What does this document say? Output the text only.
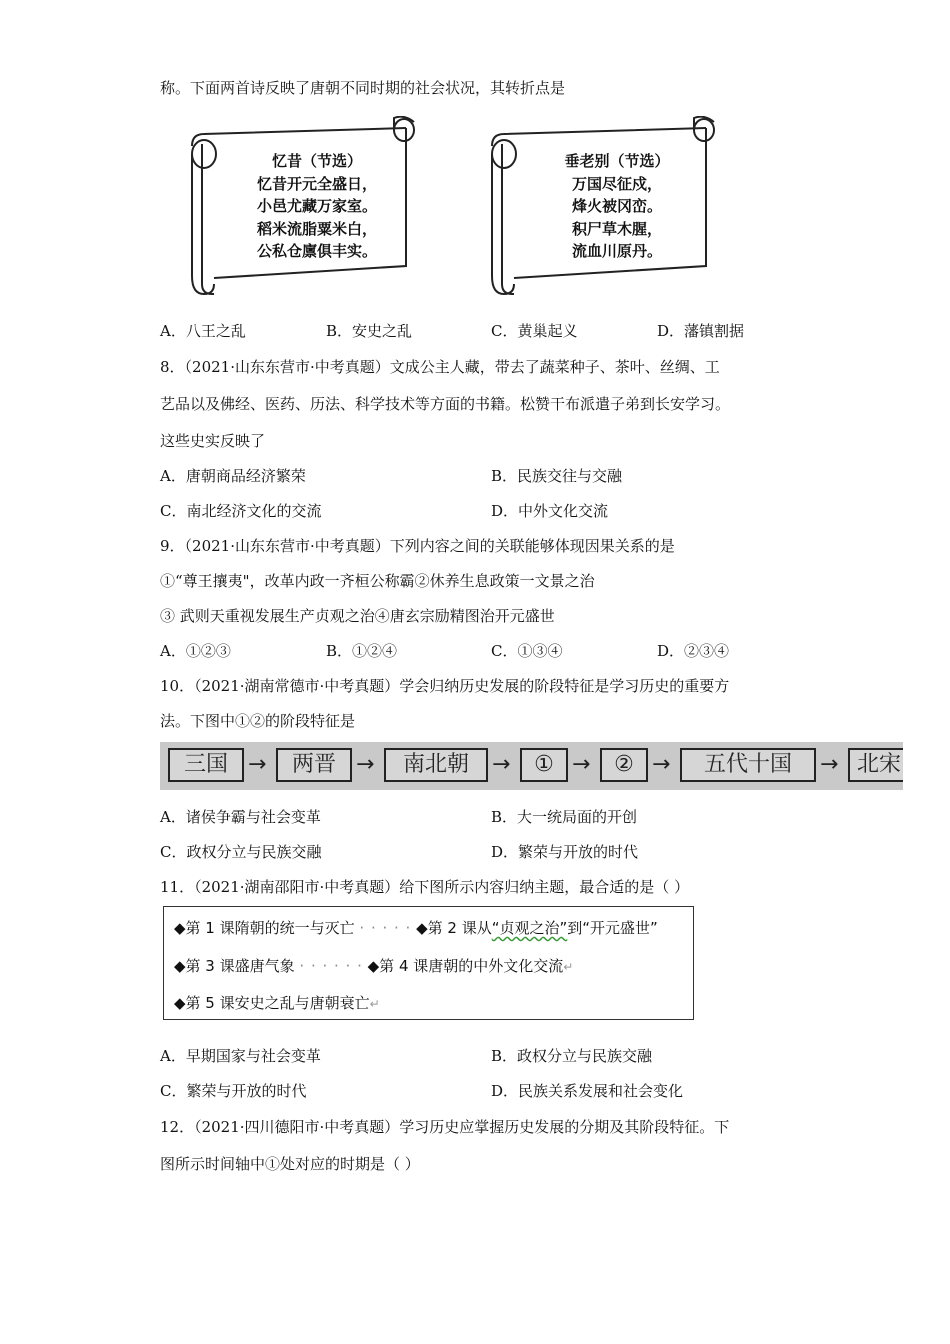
称。下面两首诗反映了唐朝不同时期的社会状况，其转折点是
忆昔（节选）
忆昔开元全盛日，
小邑尤藏万家室。
稻米流脂粟米白，
公私仓廪俱丰实。
垂老别（节选）
万国尽征戍，
烽火被冈峦。
积尸草木腥，
流血川原丹。
A．八王之乱	B．安史之乱	C．黄巢起义	D．藩镇割据
8．（2021·山东东营市·中考真题）文成公主人藏，带去了蔬菜种子、茶叶、丝绸、工
艺品以及佛经、医药、历法、科学技术等方面的书籍。松赞干布派遣子弟到长安学习。
这些史实反映了
A．唐朝商品经济繁荣	B．民族交往与交融
C．南北经济文化的交流	D．中外文化交流
9．（2021·山东东营市·中考真题）下列内容之间的关联能够体现因果关系的是
①“尊王攘夷"，改革内政一齐桓公称霸②休养生息政策一文景之治
③ 武则天重视发展生产贞观之治④唐玄宗励精图治开元盛世
A．①②③	B．①②④	C．①③④	D．②③④
10．（2021·湖南常德市·中考真题）学会归纳历史发展的阶段特征是学习历史的重要方
法。下图中①②的阶段特征是
三国 →	两晋 →	南北朝	→	① →	② →	五代十国	→ 北宋
A．诸侯争霸与社会变革	B．大一统局面的开创
C．政权分立与民族交融	D．繁荣与开放的时代
11．（2021·湖南邵阳市·中考真题）给下图所示内容归纳主题，最合适的是（ ）
◆第 1 课隋朝的统一与灭亡 · · · · · ◆第 2 课从“贞观之治”到“开元盛世”
◆第 3 课盛唐气象 · · · · · · ◆第 4 课唐朝的中外文化交流↵
◆第 5 课安史之乱与唐朝衰亡↵
A．早期国家与社会变革	B．政权分立与民族交融
C．繁荣与开放的时代	D．民族关系发展和社会变化
12．（2021·四川德阳市·中考真题）学习历史应掌握历史发展的分期及其阶段特征。下
图所示时间轴中①处对应的时期是（ ）
